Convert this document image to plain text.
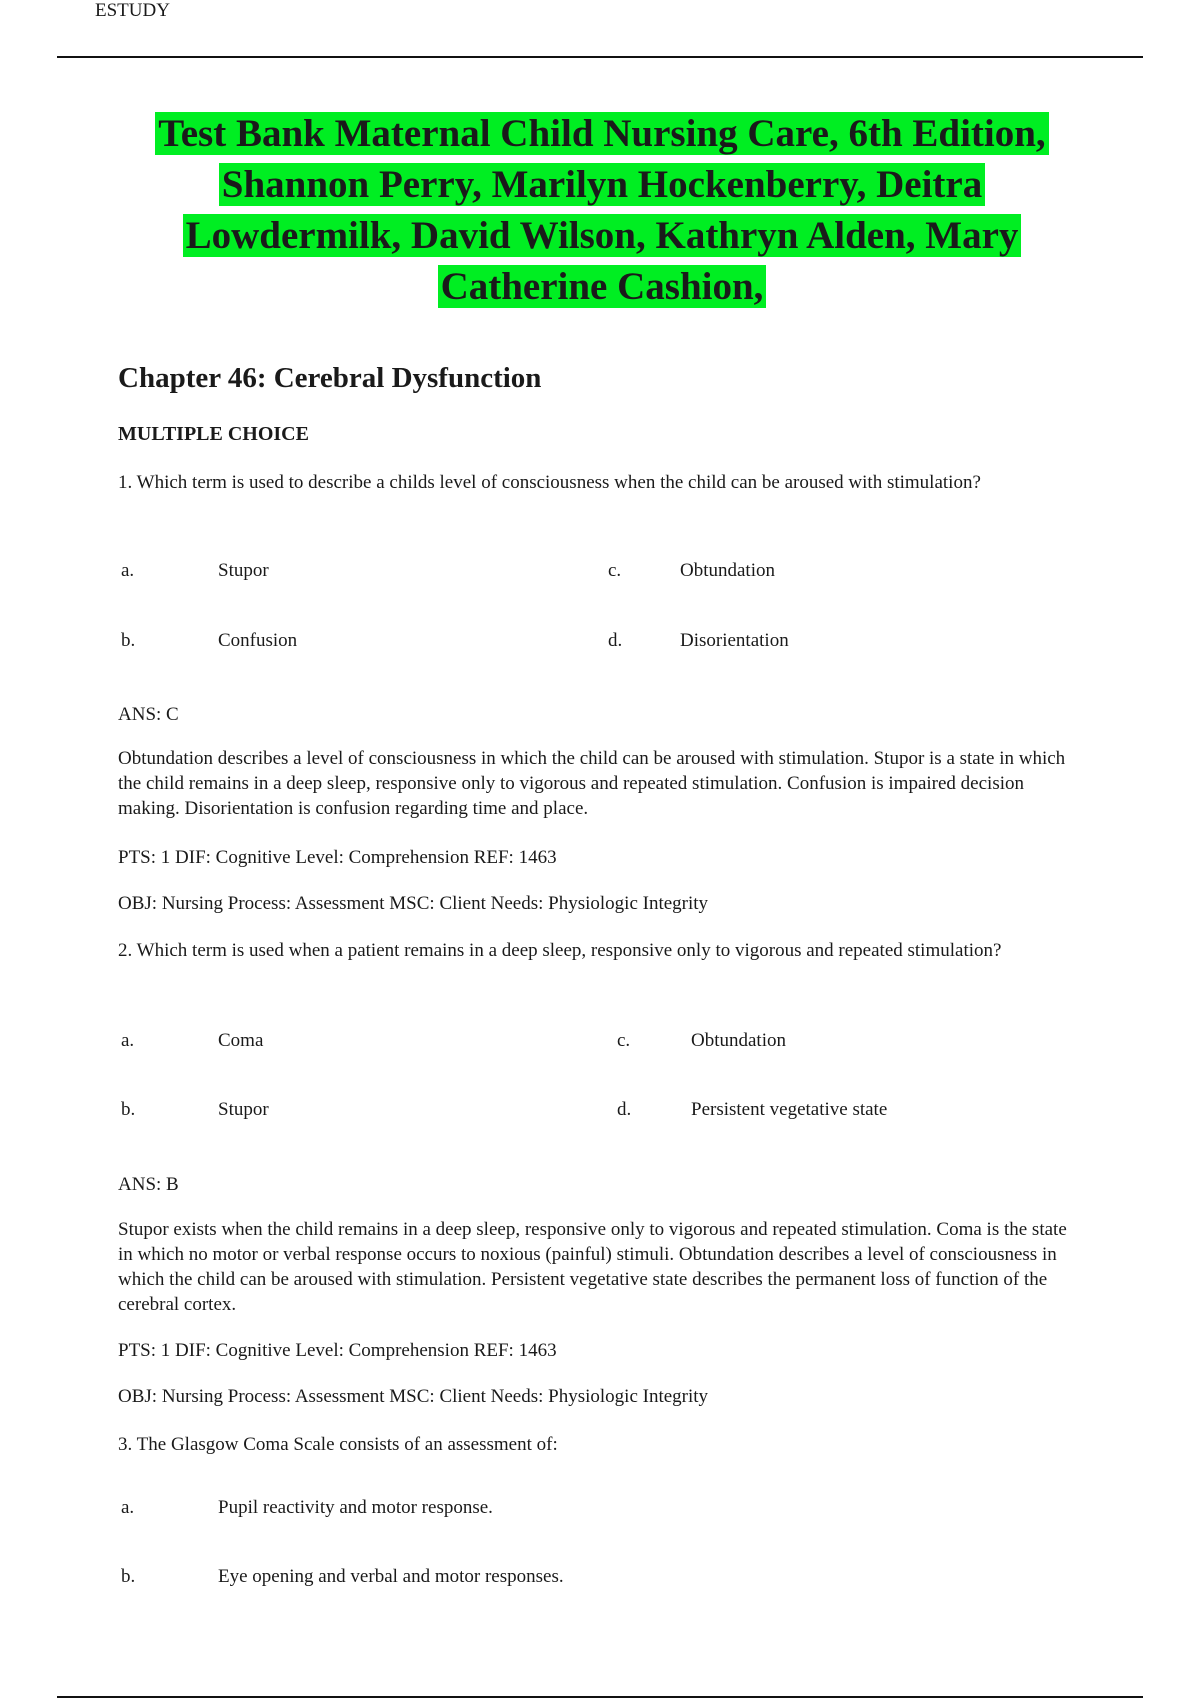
ESTUDY

Test Bank Maternal Child Nursing Care, 6th Edition,

Shannon Perry, Marilyn Hockenberry, Deitra

Lowdermilk, David Wilson, Kathryn Alden, Mary

Catherine Cashion,

Chapter 46: Cerebral Dysfunction
MULTIPLE CHOICE
1. Which term is used to describe a childs level of consciousness when the child can be aroused with stimulation?
a.	Stupor	c.	Obtundation
b.	Confusion	d.	Disorientation
ANS: C
Obtundation describes a level of consciousness in which the child can be aroused with stimulation. Stupor is a state in which the child remains in a deep sleep, responsive only to vigorous and repeated stimulation. Confusion is impaired decision making. Disorientation is confusion regarding time and place.
PTS: 1 DIF: Cognitive Level: Comprehension REF: 1463
OBJ: Nursing Process: Assessment MSC: Client Needs: Physiologic Integrity
2. Which term is used when a patient remains in a deep sleep, responsive only to vigorous and repeated stimulation?
a.	Coma	c.	Obtundation
b.	Stupor	d.	Persistent vegetative state
ANS: B
Stupor exists when the child remains in a deep sleep, responsive only to vigorous and repeated stimulation. Coma is the state in which no motor or verbal response occurs to noxious (painful) stimuli. Obtundation describes a level of consciousness in which the child can be aroused with stimulation. Persistent vegetative state describes the permanent loss of function of the cerebral cortex.
PTS: 1 DIF: Cognitive Level: Comprehension REF: 1463
OBJ: Nursing Process: Assessment MSC: Client Needs: Physiologic Integrity
3. The Glasgow Coma Scale consists of an assessment of:
a.	Pupil reactivity and motor response.
b.	Eye opening and verbal and motor responses.
